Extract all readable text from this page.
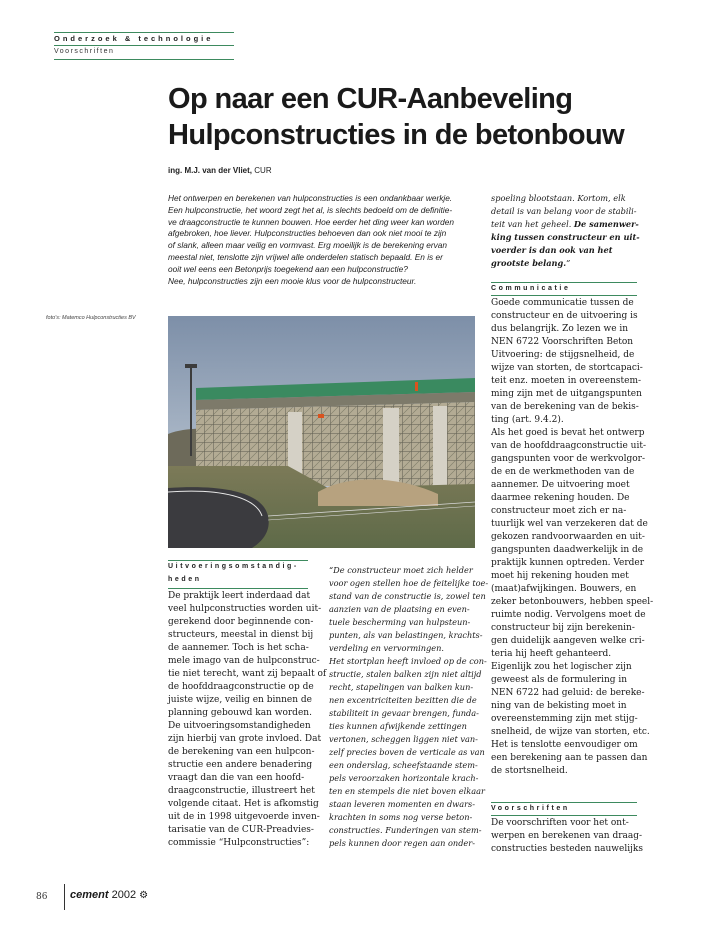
Onderzoek & technologie
Voorschriften
Op naar een CUR-Aanbeveling
Hulpconstructies in de betonbouw
ing. M.J. van der Vliet, CUR
Het ontwerpen en berekenen van hulpconstructies is een ondankbaar werkje.
Een hulpconstructie, het woord zegt het al, is slechts bedoeld om de definitie-
ve draagconstructie te kunnen bouwen. Hoe eerder het ding weer kan worden
afgebroken, hoe liever. Hulpconstructies behoeven dan ook niet mooi te zijn
of slank, alleen maar veilig en vormvast. Erg moeilijk is de berekening ervan
meestal niet, tenslotte zijn vrijwel alle onderdelen statisch bepaald. En is er
ooit wel eens een Betonprijs toegekend aan een hulpconstructie?
Nee, hulpconstructies zijn een mooie klus voor de hulpconstructeur.
foto's: Matemco Hulpconstructies BV
Uitvoeringsomstandig-
heden
De praktijk leert inderdaad dat
veel hulpconstructies worden uit-
gerekend door beginnende con-
structeurs, meestal in dienst bij
de aannemer. Toch is het scha-
mele imago van de hulpconstruc-
tie niet terecht, want zij bepaalt of
de hoofddraagconstructie op de
juiste wijze, veilig en binnen de
planning gebouwd kan worden.
De uitvoeringsomstandigheden
zijn hierbij van grote invloed. Dat
de berekening van een hulpcon-
structie een andere benadering
vraagt dan die van een hoofd-
draagconstructie, illustreert het
volgende citaat. Het is afkomstig
uit de in 1998 uitgevoerde inven-
tarisatie van de CUR-Preadvies-
commissie “Hulpconstructies”:
“De constructeur moet zich helder
voor ogen stellen hoe de feitelijke toe-
stand van de constructie is, zowel ten
aanzien van de plaatsing en even-
tuele bescherming van hulpsteun-
punten, als van belastingen, krachts-
verdeling en vervormingen.
Het stortplan heeft invloed op de con-
structie, stalen balken zijn niet altijd
recht, stapelingen van balken kun-
nen excentriciteiten bezitten die de
stabiliteit in gevaar brengen, funda-
ties kunnen afwijkende zettingen
vertonen, scheggen liggen niet van-
zelf precies boven de verticale as van
een onderslag, scheefstaande stem-
pels veroorzaken horizontale krach-
ten en stempels die niet boven elkaar
staan leveren momenten en dwars-
krachten in soms nog verse beton-
constructies. Funderingen van stem-
pels kunnen door regen aan onder-
spoeling blootstaan. Kortom, elk
detail is van belang voor de stabili-
teit van het geheel. De samenwer-
king tussen constructeur en uit-
voerder is dan ook van het
grootste belang.”
Communicatie
Goede communicatie tussen de
constructeur en de uitvoering is
dus belangrijk. Zo lezen we in
NEN 6722 Voorschriften Beton
Uitvoering: de stijgsnelheid, de
wijze van storten, de stortcapaci-
teit enz. moeten in overeenstem-
ming zijn met de uitgangspunten
van de berekening van de bekis-
ting (art. 9.4.2).
Als het goed is bevat het ontwerp
van de hoofddraagconstructie uit-
gangspunten voor de werkvolgor-
de en de werkmethoden van de
aannemer. De uitvoering moet
daarmee rekening houden. De
constructeur moet zich er na-
tuurlijk wel van verzekeren dat de
gekozen randvoorwaarden en uit-
gangspunten daadwerkelijk in de
praktijk kunnen optreden. Verder
moet hij rekening houden met
(maat)afwijkingen. Bouwers, en
zeker betonbouwers, hebben speel-
ruimte nodig. Vervolgens moet de
constructeur bij zijn berekenin-
gen duidelijk aangeven welke cri-
teria hij heeft gehanteerd.
Eigenlijk zou het logischer zijn
geweest als de formulering in
NEN 6722 had geluid: de bereke-
ning van de bekisting moet in
overeenstemming zijn met stijg-
snelheid, de wijze van storten, etc.
Het is tenslotte eenvoudiger om
een berekening aan te passen dan
de stortsnelheid.
Voorschriften
De voorschriften voor het ont-
werpen en berekenen van draag-
constructies besteden nauwelijks
86 cement 2002 ⚙
